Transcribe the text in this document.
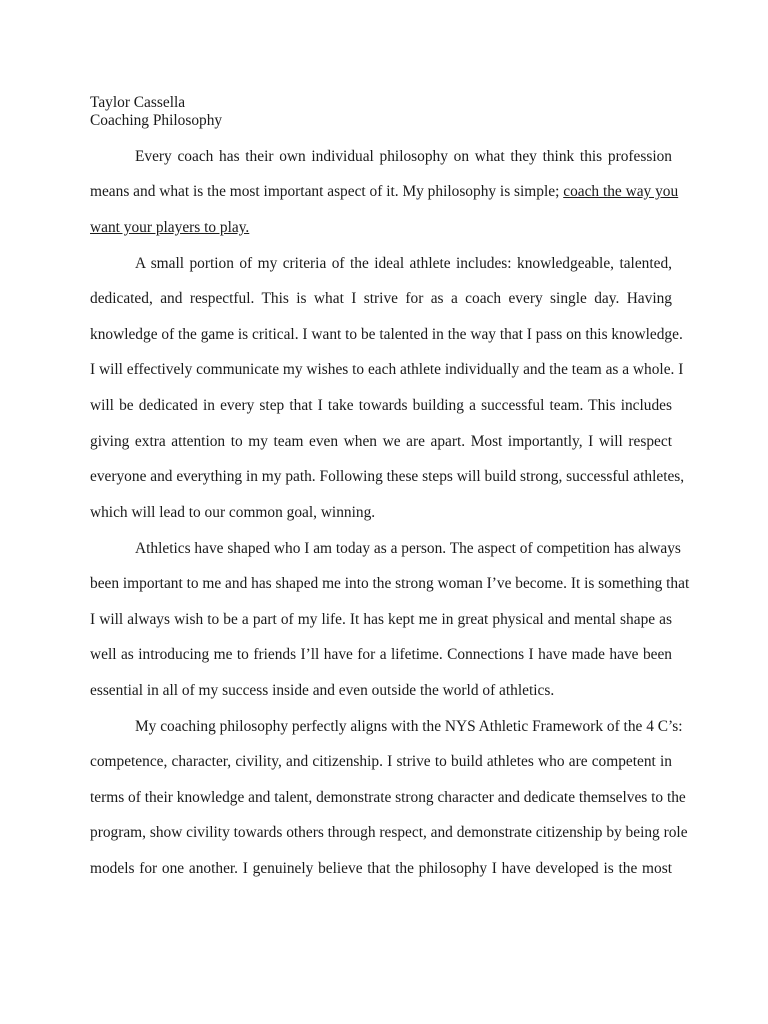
Taylor Cassella
Coaching Philosophy
Every coach has their own individual philosophy on what they think this profession
means and what is the most important aspect of it. My philosophy is simple; coach the way you
want your players to play.
A small portion of my criteria of the ideal athlete includes: knowledgeable, talented,
dedicated, and respectful. This is what I strive for as a coach every single day. Having
knowledge of the game is critical. I want to be talented in the way that I pass on this knowledge.
I will effectively communicate my wishes to each athlete individually and the team as a whole. I
will be dedicated in every step that I take towards building a successful team. This includes
giving extra attention to my team even when we are apart. Most importantly, I will respect
everyone and everything in my path. Following these steps will build strong, successful athletes,
which will lead to our common goal, winning.
Athletics have shaped who I am today as a person. The aspect of competition has always
been important to me and has shaped me into the strong woman I’ve become. It is something that
I will always wish to be a part of my life. It has kept me in great physical and mental shape as
well as introducing me to friends I’ll have for a lifetime. Connections I have made have been
essential in all of my success inside and even outside the world of athletics.
My coaching philosophy perfectly aligns with the NYS Athletic Framework of the 4 C’s:
competence, character, civility, and citizenship. I strive to build athletes who are competent in
terms of their knowledge and talent, demonstrate strong character and dedicate themselves to the
program, show civility towards others through respect, and demonstrate citizenship by being role
models for one another. I genuinely believe that the philosophy I have developed is the most
